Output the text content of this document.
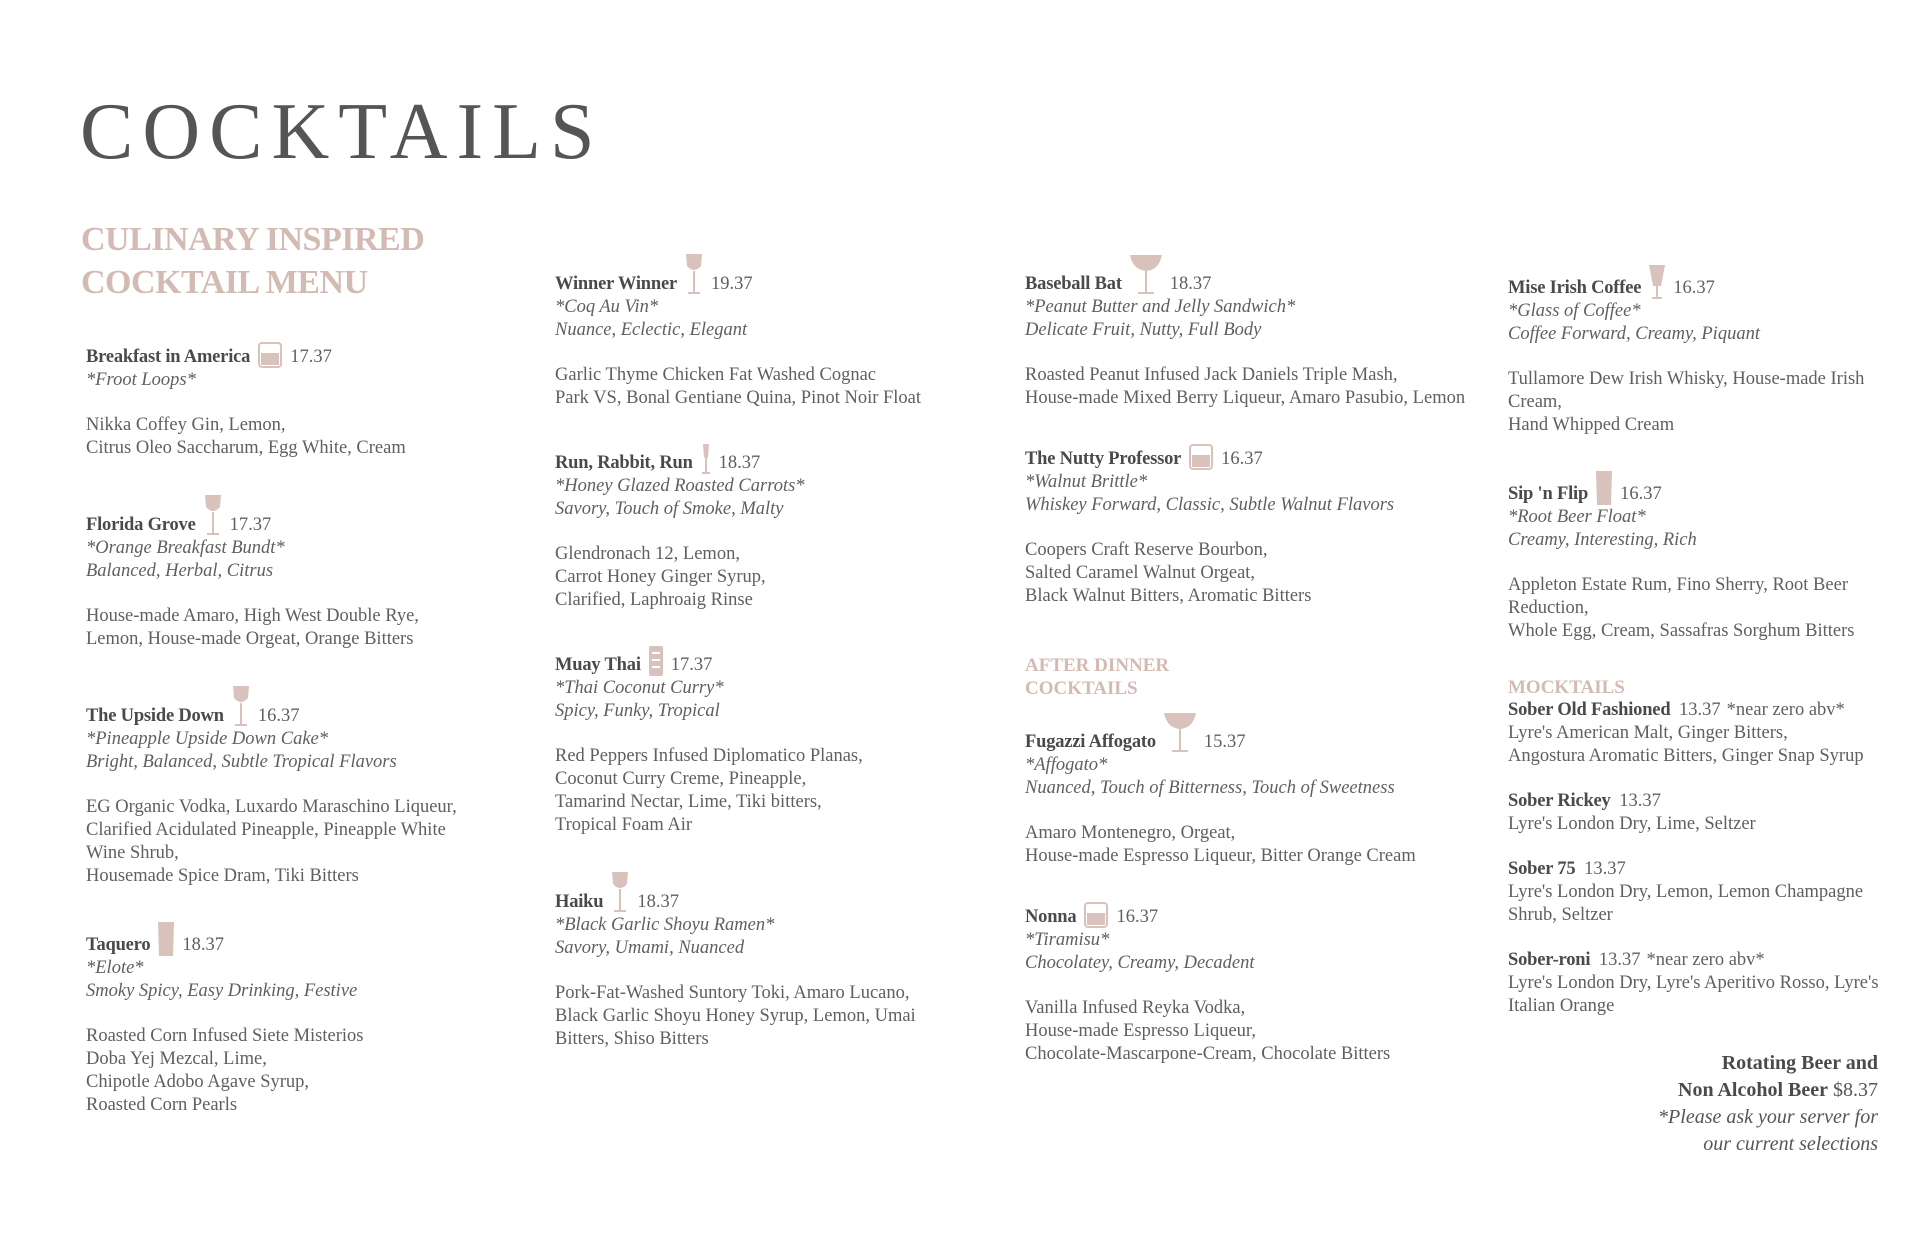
COCKTAILS
CULINARY INSPIRED
COCKTAIL MENU
Breakfast in America 17.37
*Froot Loops*
Nikka Coffey Gin, Lemon,
Citrus Oleo Saccharum, Egg White, Cream
Florida Grove 17.37
*Orange Breakfast Bundt*
Balanced, Herbal, Citrus
House-made Amaro, High West Double Rye,
Lemon, House-made Orgeat, Orange Bitters
The Upside Down 16.37
*Pineapple Upside Down Cake*
Bright, Balanced, Subtle Tropical Flavors
EG Organic Vodka, Luxardo Maraschino Liqueur,
Clarified Acidulated Pineapple, Pineapple White
Wine Shrub,
Housemade Spice Dram, Tiki Bitters
Taquero 18.37
*Elote*
Smoky Spicy, Easy Drinking, Festive
Roasted Corn Infused Siete Misterios
Doba Yej Mezcal, Lime,
Chipotle Adobo Agave Syrup,
Roasted Corn Pearls
Winner Winner 19.37
*Coq Au Vin*
Nuance, Eclectic, Elegant
Garlic Thyme Chicken Fat Washed Cognac
Park VS, Bonal Gentiane Quina, Pinot Noir Float
Run, Rabbit, Run 18.37
*Honey Glazed Roasted Carrots*
Savory, Touch of Smoke, Malty
Glendronach 12, Lemon,
Carrot Honey Ginger Syrup,
Clarified, Laphroaig Rinse
Muay Thai 17.37
*Thai Coconut Curry*
Spicy, Funky, Tropical
Red Peppers Infused Diplomatico Planas,
Coconut Curry Creme, Pineapple,
Tamarind Nectar, Lime, Tiki bitters,
Tropical Foam Air
Haiku 18.37
*Black Garlic Shoyu Ramen*
Savory, Umami, Nuanced
Pork-Fat-Washed Suntory Toki, Amaro Lucano,
Black Garlic Shoyu Honey Syrup, Lemon, Umai
Bitters, Shiso Bitters
Baseball Bat	18.37
*Peanut Butter and Jelly Sandwich*
Delicate Fruit, Nutty, Full Body
Roasted Peanut Infused Jack Daniels Triple Mash,
House-made Mixed Berry Liqueur, Amaro Pasubio, Lemon
The Nutty Professor 16.37
*Walnut Brittle*
Whiskey Forward, Classic, Subtle Walnut Flavors
Coopers Craft Reserve Bourbon,
Salted Caramel Walnut Orgeat,
Black Walnut Bitters, Aromatic Bitters
AFTER DINNER
COCKTAILS
Fugazzi Affogato	15.37
*Affogato*
Nuanced, Touch of Bitterness, Touch of Sweetness
Amaro Montenegro, Orgeat,
House-made Espresso Liqueur, Bitter Orange Cream
Nonna 16.37
*Tiramisu*
Chocolatey, Creamy, Decadent
Vanilla Infused Reyka Vodka,
House-made Espresso Liqueur,
Chocolate-Mascarpone-Cream, Chocolate Bitters
Mise Irish Coffee 16.37
*Glass of Coffee*
Coffee Forward, Creamy, Piquant
Tullamore Dew Irish Whisky, House-made Irish
Cream,
Hand Whipped Cream
Sip 'n Flip 16.37
*Root Beer Float*
Creamy, Interesting, Rich
Appleton Estate Rum, Fino Sherry, Root Beer
Reduction,
Whole Egg, Cream, Sassafras Sorghum Bitters
MOCKTAILS
Sober Old Fashioned 13.37 *near zero abv*
Lyre's American Malt, Ginger Bitters,
Angostura Aromatic Bitters, Ginger Snap Syrup
Sober Rickey 13.37
Lyre's London Dry, Lime, Seltzer
Sober 75 13.37
Lyre's London Dry, Lemon, Lemon Champagne
Shrub, Seltzer
Sober-roni 13.37 *near zero abv*
Lyre's London Dry, Lyre's Aperitivo Rosso, Lyre's
Italian Orange
Rotating Beer and
Non Alcohol Beer $8.37
*Please ask your server for
our current selections
